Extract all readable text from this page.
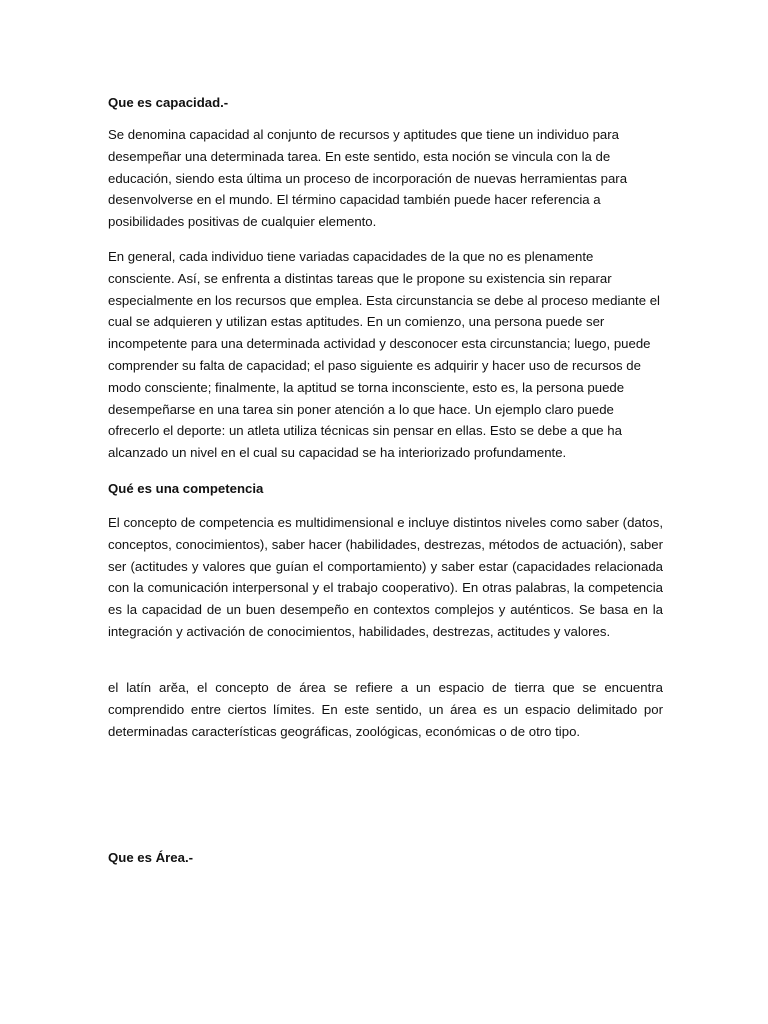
Que es capacidad.-

Se denomina capacidad al conjunto de recursos y aptitudes que tiene un individuo para desempeñar una determinada tarea. En este sentido, esta noción se vincula con la de educación, siendo esta última un proceso de incorporación de nuevas herramientas para desenvolverse en el mundo. El término capacidad también puede hacer referencia a posibilidades positivas de cualquier elemento.

En general, cada individuo tiene variadas capacidades de la que no es plenamente consciente. Así, se enfrenta a distintas tareas que le propone su existencia sin reparar especialmente en los recursos que emplea. Esta circunstancia se debe al proceso mediante el cual se adquieren y utilizan estas aptitudes. En un comienzo, una persona puede ser incompetente para una determinada actividad y desconocer esta circunstancia; luego, puede comprender su falta de capacidad; el paso siguiente es adquirir y hacer uso de recursos de modo consciente; finalmente, la aptitud se torna inconsciente, esto es, la persona puede desempeñarse en una tarea sin poner atención a lo que hace. Un ejemplo claro puede ofrecerlo el deporte: un atleta utiliza técnicas sin pensar en ellas. Esto se debe a que ha alcanzado un nivel en el cual su capacidad se ha interiorizado profundamente.

Qué es una competencia

El concepto de competencia es multidimensional e incluye distintos niveles como saber (datos, conceptos, conocimientos), saber hacer (habilidades, destrezas, métodos de actuación), saber ser (actitudes y valores que guían el comportamiento) y saber estar (capacidades relacionada con la comunicación interpersonal y el trabajo cooperativo). En otras palabras, la competencia es la capacidad de un buen desempeño en contextos complejos y auténticos. Se basa en la integración y activación de conocimientos, habilidades, destrezas, actitudes y valores.

el latín arĕa, el concepto de área se refiere a un espacio de tierra que se encuentra comprendido entre ciertos límites. En este sentido, un área es un espacio delimitado por determinadas características geográficas, zoológicas, económicas o de otro tipo.

Que es Área.-
